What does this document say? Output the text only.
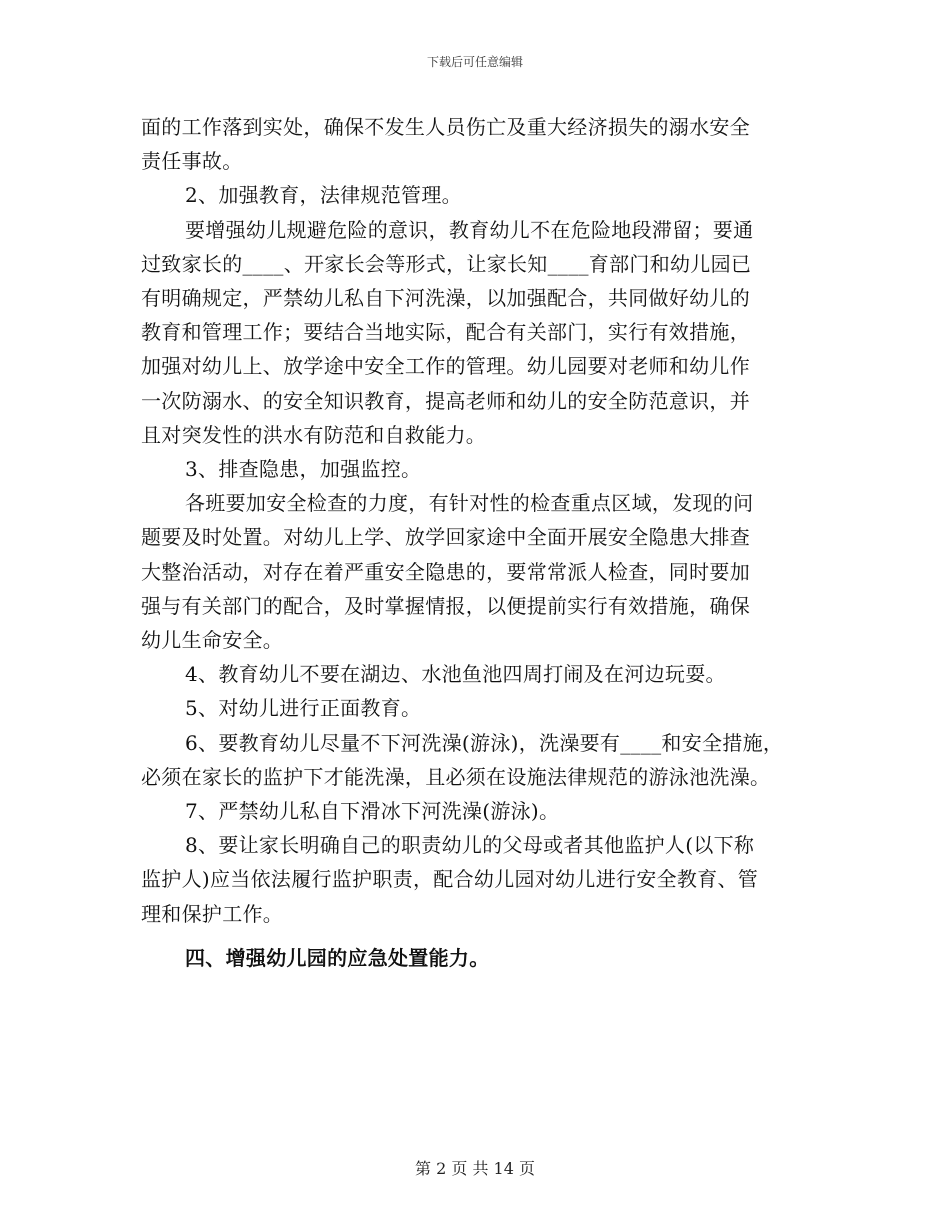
下载后可任意编辑
面的工作落到实处，确保不发生人员伤亡及重大经济损失的溺水安全
责任事故。
2、加强教育，法律规范管理。
要增强幼儿规避危险的意识，教育幼儿不在危险地段滞留；要通
过致家长的____、开家长会等形式，让家长知____育部门和幼儿园已
有明确规定，严禁幼儿私自下河洗澡，以加强配合，共同做好幼儿的
教育和管理工作；要结合当地实际，配合有关部门，实行有效措施，
加强对幼儿上、放学途中安全工作的管理。幼儿园要对老师和幼儿作
一次防溺水、的安全知识教育，提高老师和幼儿的安全防范意识，并
且对突发性的洪水有防范和自救能力。
3、排查隐患，加强监控。
各班要加安全检查的力度，有针对性的检查重点区域，发现的问
题要及时处置。对幼儿上学、放学回家途中全面开展安全隐患大排查
大整治活动，对存在着严重安全隐患的，要常常派人检查，同时要加
强与有关部门的配合，及时掌握情报，以便提前实行有效措施，确保
幼儿生命安全。
4、教育幼儿不要在湖边、水池鱼池四周打闹及在河边玩耍。
5、对幼儿进行正面教育。
6、要教育幼儿尽量不下河洗澡(游泳)，洗澡要有____和安全措施，
必须在家长的监护下才能洗澡，且必须在设施法律规范的游泳池洗澡。
7、严禁幼儿私自下滑冰下河洗澡(游泳)。
8、要让家长明确自己的职责幼儿的父母或者其他监护人(以下称
监护人)应当依法履行监护职责，配合幼儿园对幼儿进行安全教育、管
理和保护工作。
四、增强幼儿园的应急处置能力。
第 2 页 共 14 页
